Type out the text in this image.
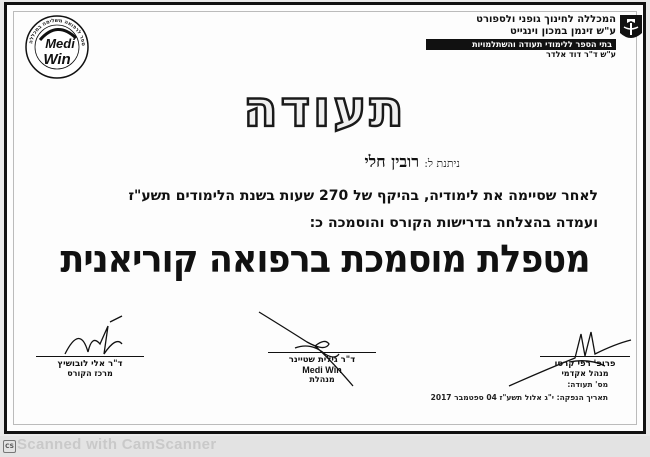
המכללה לחינוך גופני ולספורט
ע"ש זינמן במכון וינגייט
בתי הספר ללימודי תעודה והשתלמויות
ע"ש ד"ר דוד אלדר
ספר לרפואה משלימה במכללה
Medi
Win
תעודה
ניתנת ל: רובין חלי
לאחר שסיימה את לימודיה, בהיקף של 270 שעות בשנת הלימודים תשע"ז
ועמדה בהצלחה בדרישות הקורס והוסמכה כ:
מטפלת מוסמכת ברפואה קוריאנית
ד"ר אלי לובושיץ
מרכז הקורס
ד"ר גילית שטיינר
Medi Win
מנהלת
פרופ' רפי קרסו
מנהל אקדמי
מס' תעודה:
תאריך הנפקה: י"ג אלול תשע"ז 04 ספטמבר 2017
CS Scanned with CamScanner
